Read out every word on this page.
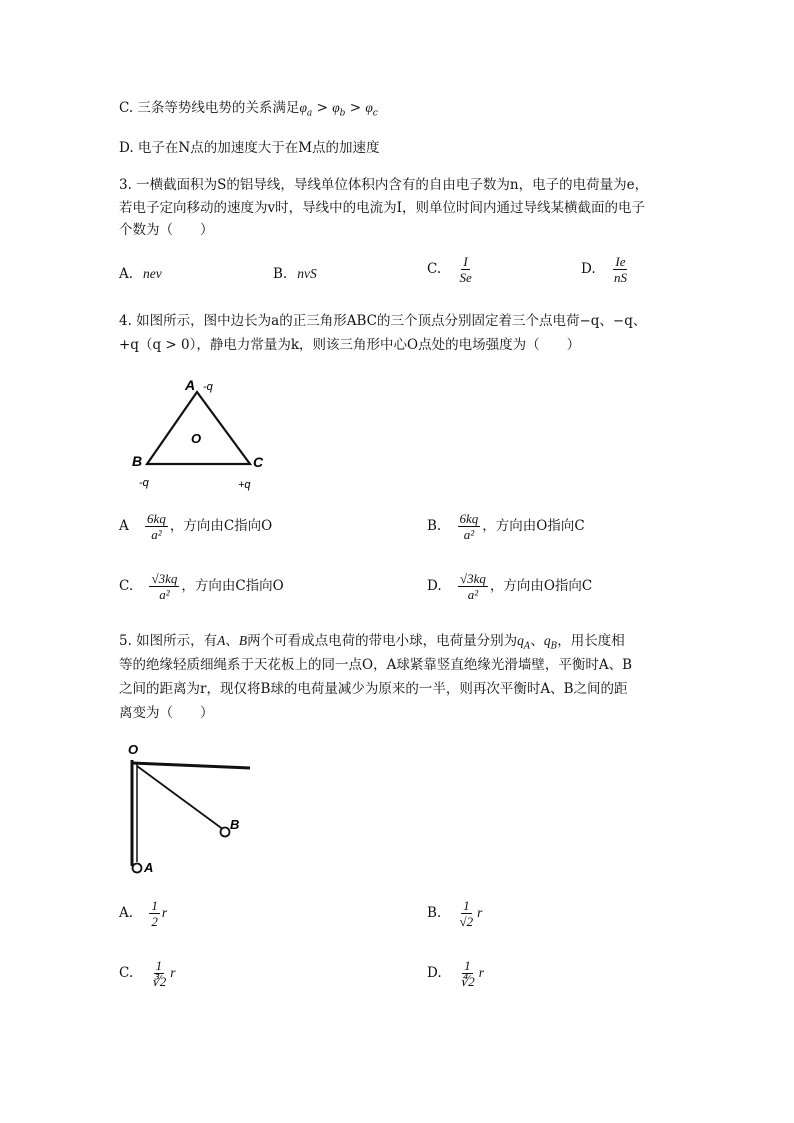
C. 三条等势线电势的关系满足$\varphi_a > \varphi_b > \varphi_c$
D. 电子在N点的加速度大于在M点的加速度
3. 一横截面积为S的铝导线，导线单位体积内含有的自由电子数为n，电子的电荷量为e，
若电子定向移动的速度为v时，导线中的电流为I，则单位时间内通过导线某横截面的电子
个数为（　　）
A. nev	B. nvS	C. $\frac{I}{Se}$	D. $\frac{Ie}{nS}$
4. 如图所示，图中边长为a的正三角形ABC的三个顶点分别固定着三个点电荷−q、−q、
+q（q > 0），静电力常量为k，则该三角形中心O点处的电场强度为（　　）
A -q
O
B
-q
C
+q
A $\frac{6kq}{\text{a²}}$ ，方向由C指向O	B. $\frac{6kq}{\text{a²}}$ ，方向由O指向C
C. $\frac{√3kq}{\text{a²}}$ ，方向由C指向O	D. $\frac{√3kq}{\text{a²}}$ ，方向由O指向C
5. 如图所示，有A、B两个可看成点电荷的带电小球，电荷量分别为$q_A$、$q_B$，用长度相
等的绝缘轻质细绳系于天花板上的同一点O，A球紧靠竖直绝缘光滑墙壁，平衡时A、B
之间的距离为r，现仅将B球的电荷量减少为原来的一半，则再次平衡时A、B之间的距
离变为（　　）
O
A
B
A. $\frac{1}{2}$ r	B. $\frac{1}{√2}$ r
C. $\frac{1}{∛2}$ r	D. $\frac{1}{∜2}$ r
